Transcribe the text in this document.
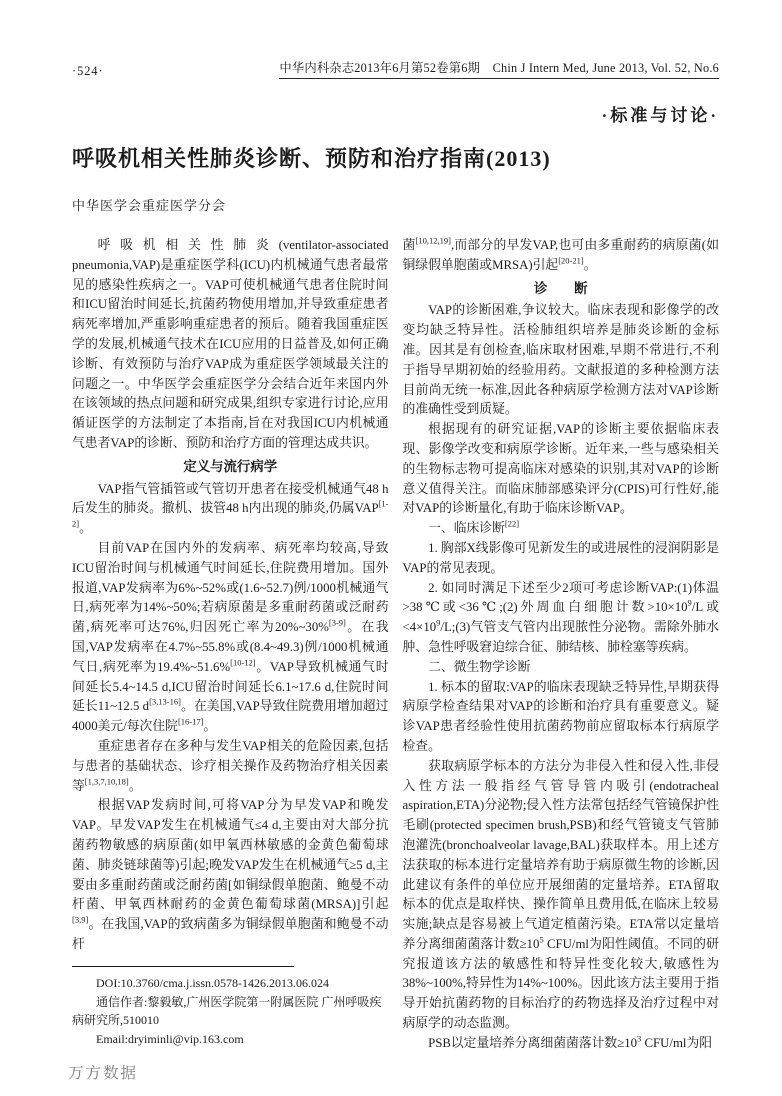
·524·	中华内科杂志2013年6月第52卷第6期　Chin J Intern Med, June 2013, Vol. 52, No.6
·标准与讨论·
呼吸机相关性肺炎诊断、预防和治疗指南(2013)
中华医学会重症医学分会

呼吸机相关性肺炎(ventilator-associated pneumonia,VAP)是重症医学科(ICU)内机械通气患者最常见的感染性疾病之一。VAP可使机械通气患者住院时间和ICU留治时间延长,抗菌药物使用增加,并导致重症患者病死率增加,严重影响重症患者的预后。随着我国重症医学的发展,机械通气技术在ICU应用的日益普及,如何正确诊断、有效预防与治疗VAP成为重症医学领域最关注的问题之一。中华医学会重症医学分会结合近年来国内外在该领域的热点问题和研究成果,组织专家进行讨论,应用循证医学的方法制定了本指南,旨在对我国ICU内机械通气患者VAP的诊断、预防和治疗方面的管理达成共识。

定义与流行病学

VAP指气管插管或气管切开患者在接受机械通气48 h后发生的肺炎。撤机、拔管48 h内出现的肺炎,仍属VAP[1-2]。

目前VAP在国内外的发病率、病死率均较高,导致ICU留治时间与机械通气时间延长,住院费用增加。国外报道,VAP发病率为6%~52%或(1.6~52.7)例/1000机械通气日,病死率为14%~50%;若病原菌是多重耐药菌或泛耐药菌,病死率可达76%,归因死亡率为20%~30%[3-9]。在我国,VAP发病率在4.7%~55.8%或(8.4~49.3)例/1000机械通气日,病死率为19.4%~51.6%[10-12]。VAP导致机械通气时间延长5.4~14.5 d,ICU留治时间延长6.1~17.6 d,住院时间延长11~12.5 d[3,13-16]。在美国,VAP导致住院费用增加超过4000美元/每次住院[16-17]。

重症患者存在多种与发生VAP相关的危险因素,包括与患者的基础状态、诊疗相关操作及药物治疗相关因素等[1,3,7,10,18]。

根据VAP发病时间,可将VAP分为早发VAP和晚发VAP。早发VAP发生在机械通气≤4 d,主要由对大部分抗菌药物敏感的病原菌(如甲氧西林敏感的金黄色葡萄球菌、肺炎链球菌等)引起;晚发VAP发生在机械通气≥5 d,主要由多重耐药菌或泛耐药菌[如铜绿假单胞菌、鲍曼不动杆菌、甲氧西林耐药的金黄色葡萄球菌(MRSA)]引起[3,9]。在我国,VAP的致病菌多为铜绿假单胞菌和鲍曼不动杆

DOI:10.3760/cma.j.issn.0578-1426.2013.06.024

通信作者:黎毅敏,广州医学院第一附属医院 广州呼吸疾病研究所,510010

Email:dryiminli@vip.163.com

菌[10,12,19],而部分的早发VAP,也可由多重耐药的病原菌(如铜绿假单胞菌或MRSA)引起[20-21]。

诊　　断

VAP的诊断困难,争议较大。临床表现和影像学的改变均缺乏特异性。活检肺组织培养是肺炎诊断的金标准。因其是有创检查,临床取材困难,早期不常进行,不利于指导早期初始的经验用药。文献报道的多种检测方法目前尚无统一标准,因此各种病原学检测方法对VAP诊断的准确性受到质疑。

根据现有的研究证据,VAP的诊断主要依据临床表现、影像学改变和病原学诊断。近年来,一些与感染相关的生物标志物可提高临床对感染的识别,其对VAP的诊断意义值得关注。而临床肺部感染评分(CPIS)可行性好,能对VAP的诊断量化,有助于临床诊断VAP。

一、临床诊断[22]

1. 胸部X线影像可见新发生的或进展性的浸润阴影是VAP的常见表现。

2. 如同时满足下述至少2项可考虑诊断VAP:(1)体温>38℃或<36℃;(2)外周血白细胞计数$>10\times 10^9/L$或$<4\times 10^9/L;(3)$气管支气管内出现脓性分泌物。需除外肺水肿、急性呼吸窘迫综合征、肺结核、肺栓塞等疾病。

二、微生物学诊断

1. 标本的留取:VAP的临床表现缺乏特异性,早期获得病原学检查结果对VAP的诊断和治疗具有重要意义。疑诊VAP患者经验性使用抗菌药物前应留取标本行病原学检查。

获取病原学标本的方法分为非侵入性和侵入性,非侵入性方法一般指经气管导管内吸引(endotracheal aspiration,ETA)分泌物;侵入性方法常包括经气管镜保护性毛刷(protected specimen brush,PSB)和经气管镜支气管肺泡灌洗(bronchoalveolar lavage,BAL)获取样本。用上述方法获取的标本进行定量培养有助于病原微生物的诊断,因此建议有条件的单位应开展细菌的定量培养。ETA留取标本的优点是取样快、操作简单且费用低,在临床上较易实施;缺点是容易被上气道定植菌污染。ETA常以定量培养分离细菌菌落计数$\ge 10^5$ CFU/ml为阳性阈值。不同的研究报道该方法的敏感性和特异性变化较大,敏感性为38%~100%,特异性为14%~100%。因此该方法主要用于指导开始抗菌药物的目标治疗的药物选择及治疗过程中对病原学的动态监测。

PSB以定量培养分离细菌菌落计数$\ge 10^3$ CFU/ml为阳

万方数据
